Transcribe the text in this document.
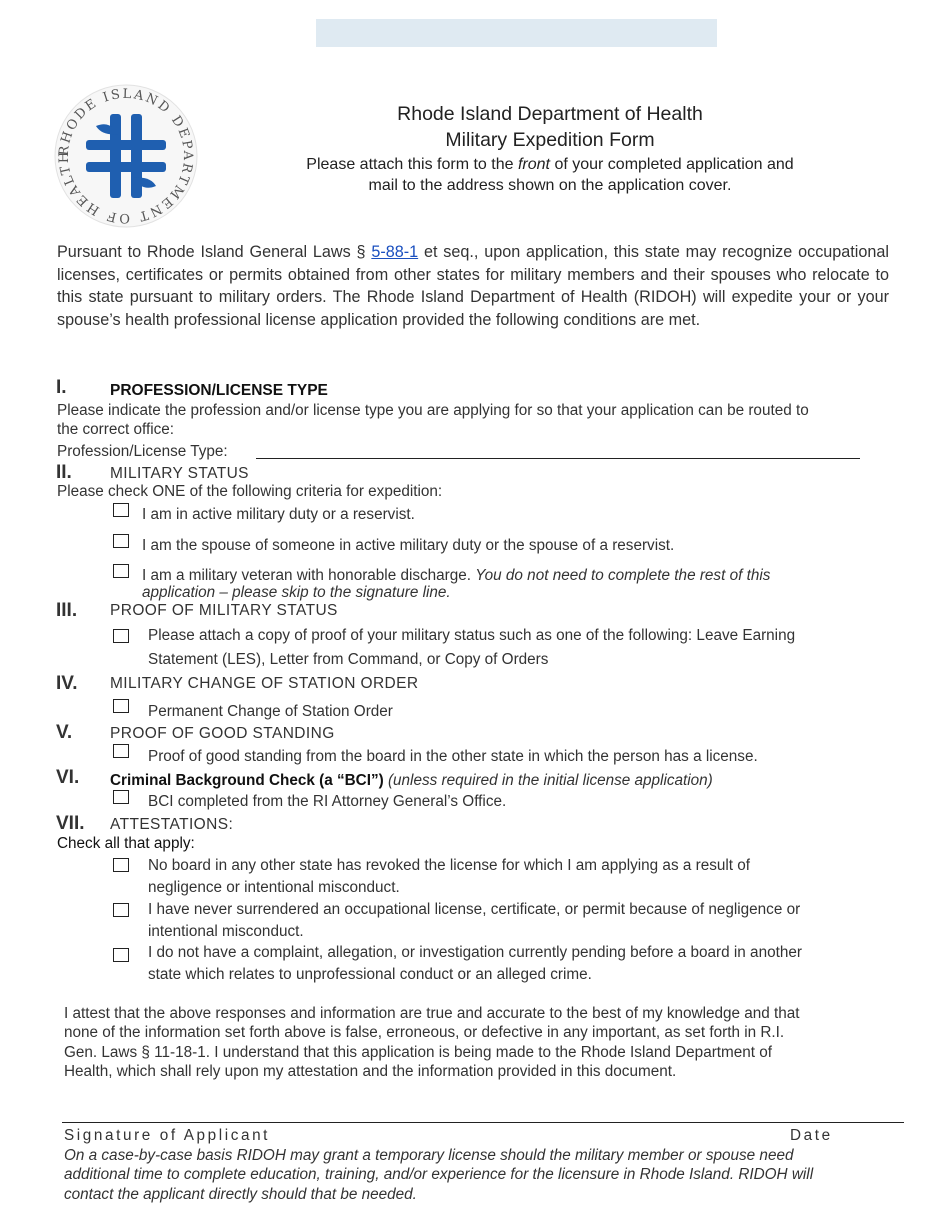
RHODE ISLAND DEPARTMENT OF HEALTH
Rhode Island Department of Health
Military Expedition Form
Please attach this form to the front of your completed application and
mail to the address shown on the application cover.
Pursuant to Rhode Island General Laws § 5-88-1 et seq., upon application, this state may recognize occupational licenses, certificates or permits obtained from other states for military members and their spouses who relocate to this state pursuant to military orders. The Rhode Island Department of Health (RIDOH) will expedite your or your spouse’s health professional license application provided the following conditions are met.
I.	PROFESSION/LICENSE TYPE
Please indicate the profession and/or license type you are applying for so that your application can be routed to
the correct office:
Profession/License Type:
II. MILITARY STATUS
Please check ONE of the following criteria for expedition:
I am in active military duty or a reservist.
I am the spouse of someone in active military duty or the spouse of a reservist.
I am a military veteran with honorable discharge. You do not need to complete the rest of this
application – please skip to the signature line.
III. PROOF OF MILITARY STATUS
Please attach a copy of proof of your military status such as one of the following: Leave Earning
Statement (LES), Letter from Command, or Copy of Orders
IV. MILITARY CHANGE OF STATION ORDER
Permanent Change of Station Order
V. PROOF OF GOOD STANDING
Proof of good standing from the board in the other state in which the person has a license.
VI. Criminal Background Check (a “BCI”) (unless required in the initial license application)
BCI completed from the RI Attorney General’s Office.
VII. ATTESTATIONS:
Check all that apply:
No board in any other state has revoked the license for which I am applying as a result of
negligence or intentional misconduct.
I have never surrendered an occupational license, certificate, or permit because of negligence or
intentional misconduct.
I do not have a complaint, allegation, or investigation currently pending before a board in another
state which relates to unprofessional conduct or an alleged crime.
I attest that the above responses and information are true and accurate to the best of my knowledge and that
none of the information set forth above is false, erroneous, or defective in any important, as set forth in R.I.
Gen. Laws § 11-18-1. I understand that this application is being made to the Rhode Island Department of
Health, which shall rely upon my attestation and the information provided in this document.
Signature of Applicant	Date
On a case-by-case basis RIDOH may grant a temporary license should the military member or spouse need
additional time to complete education, training, and/or experience for the licensure in Rhode Island. RIDOH will
contact the applicant directly should that be needed.
